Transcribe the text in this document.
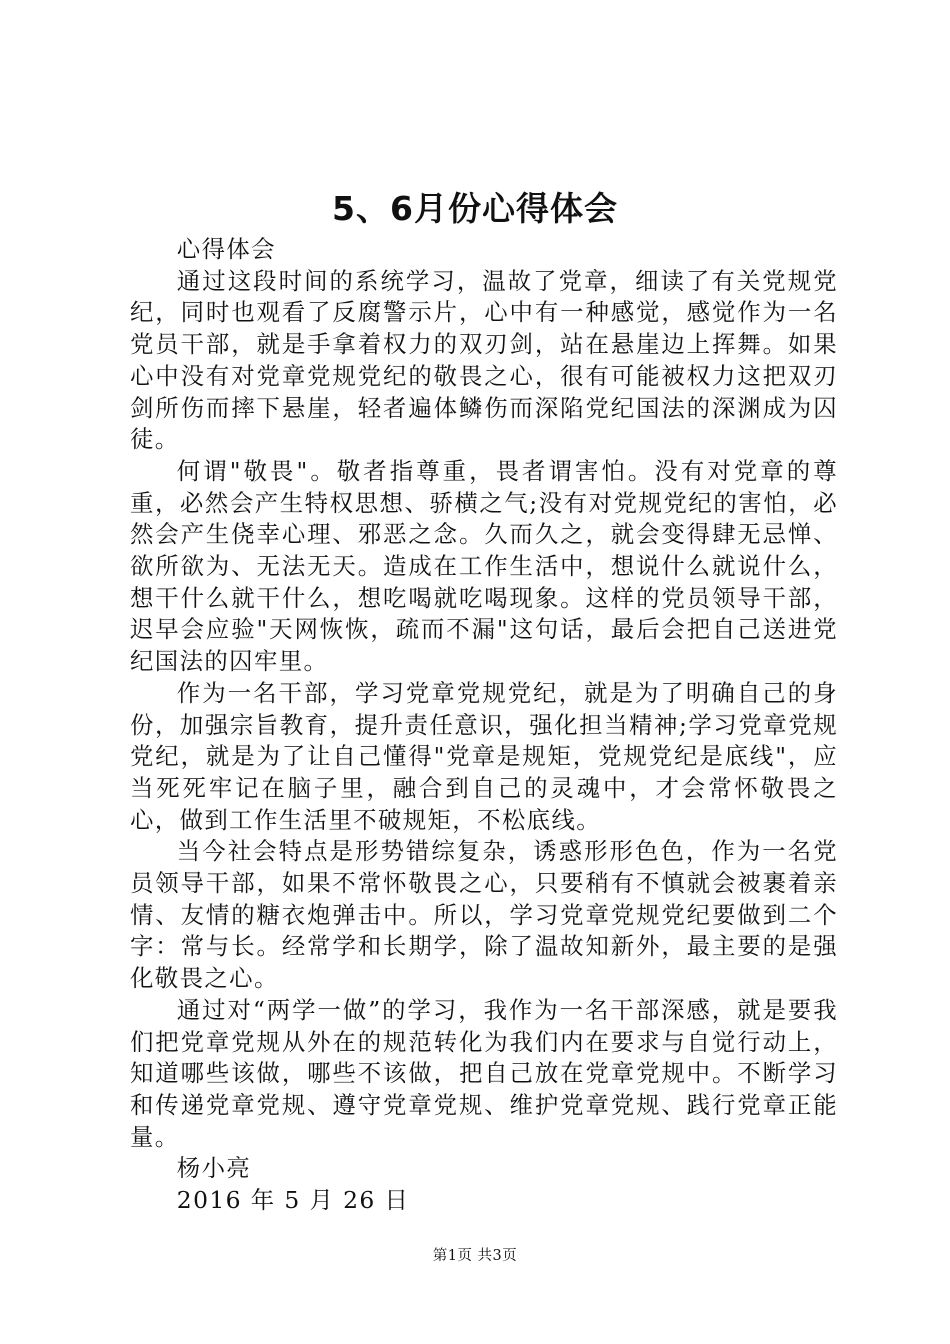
5、6月份心得体会

心得体会

通过这段时间的系统学习，温故了党章，细读了有关党规党纪，同时也观看了反腐警示片，心中有一种感觉，感觉作为一名党员干部，就是手拿着权力的双刃剑，站在悬崖边上挥舞。如果心中没有对党章党规党纪的敬畏之心，很有可能被权力这把双刃剑所伤而摔下悬崖，轻者遍体鳞伤而深陷党纪国法的深渊成为囚徒。

何谓"敬畏"。敬者指尊重，畏者谓害怕。没有对党章的尊重，必然会产生特权思想、骄横之气;没有对党规党纪的害怕，必然会产生侥幸心理、邪恶之念。久而久之，就会变得肆无忌惮、欲所欲为、无法无天。造成在工作生活中，想说什么就说什么，想干什么就干什么，想吃喝就吃喝现象。这样的党员领导干部，迟早会应验"天网恢恢，疏而不漏"这句话，最后会把自己送进党纪国法的囚牢里。

作为一名干部，学习党章党规党纪，就是为了明确自己的身份，加强宗旨教育，提升责任意识，强化担当精神;学习党章党规党纪，就是为了让自己懂得"党章是规矩，党规党纪是底线"，应当死死牢记在脑子里，融合到自己的灵魂中，才会常怀敬畏之心，做到工作生活里不破规矩，不松底线。

当今社会特点是形势错综复杂，诱惑形形色色，作为一名党员领导干部，如果不常怀敬畏之心，只要稍有不慎就会被裹着亲情、友情的糖衣炮弹击中。所以，学习党章党规党纪要做到二个字：常与长。经常学和长期学，除了温故知新外，最主要的是强化敬畏之心。

通过对“两学一做”的学习，我作为一名干部深感，就是要我们把党章党规从外在的规范转化为我们内在要求与自觉行动上，知道哪些该做，哪些不该做，把自己放在党章党规中。不断学习和传递党章党规、遵守党章党规、维护党章党规、践行党章正能量。

杨小亮

2016 年 5 月 26 日

第1页 共3页
